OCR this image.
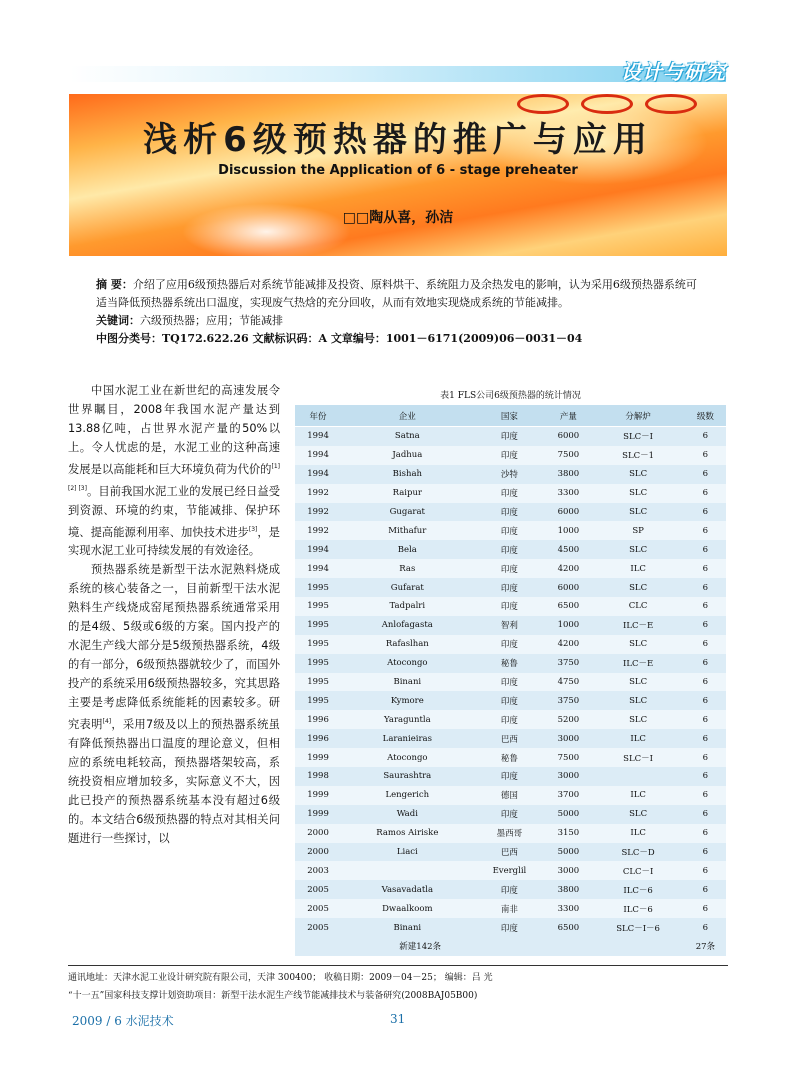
设计与研究
浅析6级预热器的推广与应用
Discussion the Application of 6 - stage preheater
□□陶从喜，孙洁

摘 要：介绍了应用6级预热器后对系统节能减排及投资、原料烘干、系统阻力及余热发电的影响，认为采用6级预热器系统可适当降低预热器系统出口温度，实现废气热焓的充分回收，从而有效地实现烧成系统的节能减排。

关键词：六级预热器；应用；节能减排

中图分类号：TQ172.622.26 文献标识码：A 文章编号：1001－6171(2009)06－0031－04

中国水泥工业在新世纪的高速发展令世界瞩目，2008年我国水泥产量达到13.88亿吨，占世界水泥产量的50%以上。令人忧虑的是，水泥工业的这种高速发展是以高能耗和巨大环境负荷为代价的[1] [2] [3]。目前我国水泥工业的发展已经日益受到资源、环境的约束，节能减排、保护环境、提高能源利用率、加快技术进步[3]，是实现水泥工业可持续发展的有效途径。

预热器系统是新型干法水泥熟料烧成系统的核心装备之一，目前新型干法水泥熟料生产线烧成窑尾预热器系统通常采用的是4级、5级或6级的方案。国内投产的水泥生产线大部分是5级预热器系统，4级的有一部分，6级预热器就较少了，而国外投产的系统采用6级预热器较多，究其思路主要是考虑降低系统能耗的因素较多。研究表明[4]，采用7级及以上的预热器系统虽有降低预热器出口温度的理论意义，但相应的系统电耗较高，预热器塔架较高，系统投资相应增加较多，实际意义不大，因此已投产的预热器系统基本没有超过6级的。本文结合6级预热器的特点对其相关问题进行一些探讨，以

表1 FLS公司6级预热器的统计情况
年份	企业	国家	产量	分解炉	级数
1994	Satna	印度	6000	SLC－I	6
1994	Jadhua	印度	7500	SLC－1	6
1994	Bishah	沙特	3800	SLC	6
1992	Raipur	印度	3300	SLC	6
1992	Gugarat	印度	6000	SLC	6
1992	Mithafur	印度	1000	SP	6
1994	Bela	印度	4500	SLC	6
1994	Ras	印度	4200	ILC	6
1995	Gufarat	印度	6000	SLC	6
1995	Tadpalri	印度	6500	CLC	6
1995	Anlofagasta	智利	1000	ILC－E	6
1995	Rafaslhan	印度	4200	SLC	6
1995	Atocongo	秘鲁	3750	ILC－E	6
1995	Binani	印度	4750	SLC	6
1995	Kymore	印度	3750	SLC	6
1996	Yaraguntla	印度	5200	SLC	6
1996	Laranieiras	巴西	3000	ILC	6
1999	Atocongo	秘鲁	7500	SLC－I	6
1998	Saurashtra	印度	3000		6
1999	Lengerich	德国	3700	ILC	6
1999	Wadi	印度	5000	SLC	6
2000	Ramos Airiske	墨西哥	3150	ILC	6
2000	Liaci	巴西	5000	SLC－D	6
2003		Everglil	3000	CLC－I	6
2005	Vasavadatla	印度	3800	ILC－6	6
2005	Dwaalkoom	南非	3300	ILC－6	6
2005	Binani	印度	6500	SLC－I－6	6
新建142条					27条

通讯地址：天津水泥工业设计研究院有限公司，天津 300400； 收稿日期：2009－04－25； 编辑：吕 光

“十一五”国家科技支撑计划资助项目：新型干法水泥生产线节能减排技术与装备研究(2008BAJ05B00)

2009 / 6 水泥技术	31
